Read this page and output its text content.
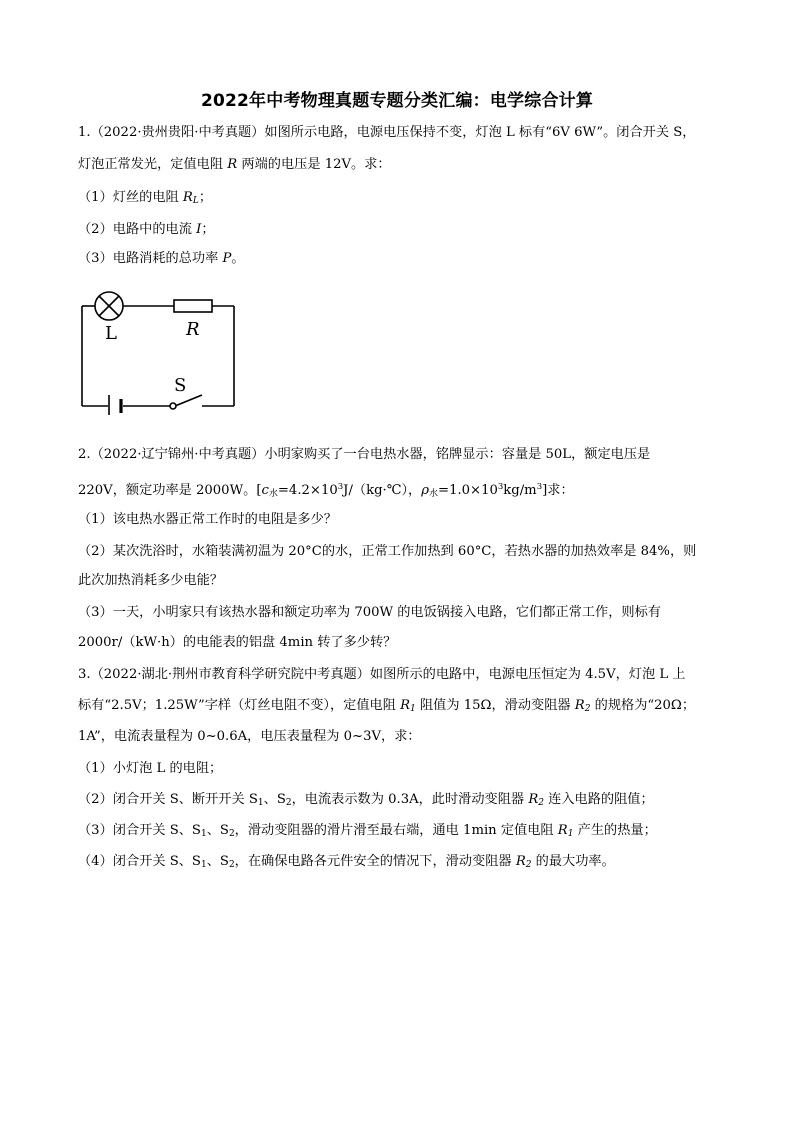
2022年中考物理真题专题分类汇编：电学综合计算
1.（2022·贵州贵阳·中考真题）如图所示电路，电源电压保持不变，灯泡 L 标有“6V 6W”。闭合开关 S，
灯泡正常发光，定值电阻 R 两端的电压是 12V。求：
（1）灯丝的电阻 $R_L$；
（2）电路中的电流 I；
（3）电路消耗的总功率 P。
L	R
S
2.（2022·辽宁锦州·中考真题）小明家购买了一台电热水器，铭牌显示：容量是 50L，额定电压是
220V，额定功率是 2000W。[$c_水=4.2\times 10^3J/(kg\cdot℃)$，$\rho_水=1.0\times 10^3kg/m^3$]求：
（1）该电热水器正常工作时的电阻是多少？
（2）某次洗浴时，水箱装满初温为 20°C的水，正常工作加热到 60°C，若热水器的加热效率是 84%，则
此次加热消耗多少电能？
（3）一天，小明家只有该热水器和额定功率为 700W 的电饭锅接入电路，它们都正常工作，则标有
2000r/（kW·h）的电能表的铝盘 4min 转了多少转？
3.（2022·湖北·荆州市教育科学研究院中考真题）如图所示的电路中，电源电压恒定为 4.5V，灯泡 L 上
标有“2.5V；1.25W”字样（灯丝电阻不变），定值电阻 $R_1$ 阻值为 15Ω，滑动变阻器 $R_2$ 的规格为“20Ω；
1A”，电流表量程为 0~0.6A，电压表量程为 0~3V，求：
（1）小灯泡 L 的电阻；
（2）闭合开关 S、断开开关 $S_1$、$S_2$，电流表示数为 0.3A，此时滑动变阻器 $R_2$ 连入电路的阻值；
（3）闭合开关 S、$S_1$、$S_2$，滑动变阻器的滑片滑至最右端，通电 1min 定值电阻 $R_1$ 产生的热量；
（4）闭合开关 S、$S_1$、$S_2$，在确保电路各元件安全的情况下，滑动变阻器 $R_2$ 的最大功率。
